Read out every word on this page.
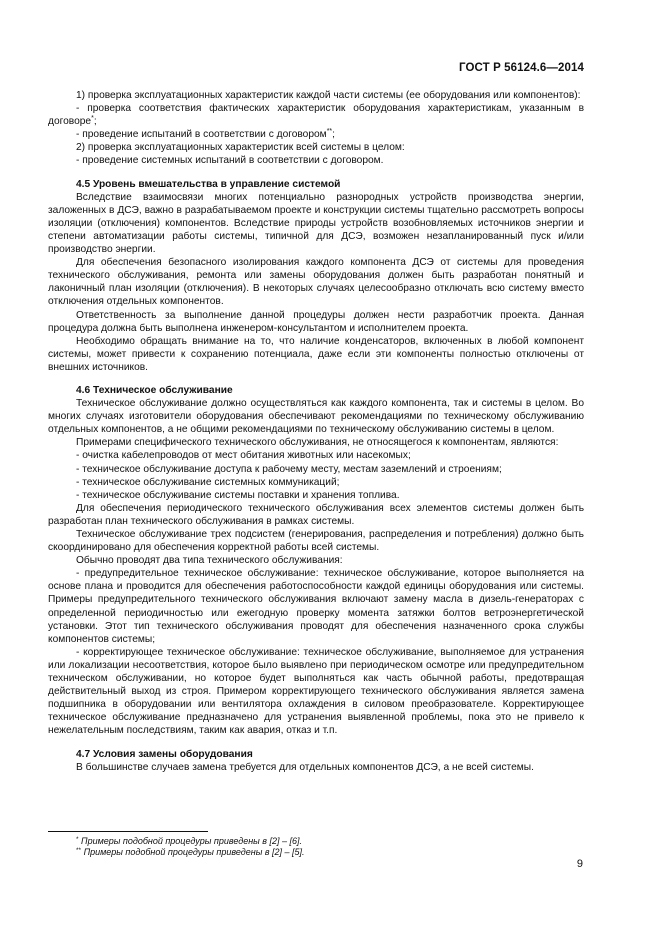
ГОСТ Р 56124.6—2014

1) проверка эксплуатационных характеристик каждой части системы (ее оборудования или компонентов):

- проверка соответствия фактических характеристик оборудования характеристикам, указанным в договоре*;

- проведение испытаний в соответствии с договором**;

2) проверка эксплуатационных характеристик всей системы в целом:

- проведение системных испытаний в соответствии с договором.

4.5 Уровень вмешательства в управление системой

Вследствие взаимосвязи многих потенциально разнородных устройств производства энергии, заложенных в ДСЭ, важно в разрабатываемом проекте и конструкции системы тщательно рассмотреть вопросы изоляции (отключения) компонентов. Вследствие природы устройств возобновляемых источников энергии и степени автоматизации работы системы, типичной для ДСЭ, возможен незапланированный пуск и/или производство энергии.

Для обеспечения безопасного изолирования каждого компонента ДСЭ от системы для проведения технического обслуживания, ремонта или замены оборудования должен быть разработан понятный и лаконичный план изоляции (отключения). В некоторых случаях целесообразно отключать всю систему вместо отключения отдельных компонентов.

Ответственность за выполнение данной процедуры должен нести разработчик проекта. Данная процедура должна быть выполнена инженером-консультантом и исполнителем проекта.

Необходимо обращать внимание на то, что наличие конденсаторов, включенных в любой компонент системы, может привести к сохранению потенциала, даже если эти компоненты полностью отключены от внешних источников.

4.6 Техническое обслуживание

Техническое обслуживание должно осуществляться как каждого компонента, так и системы в целом. Во многих случаях изготовители оборудования обеспечивают рекомендациями по техническому обслуживанию отдельных компонентов, а не общими рекомендациями по техническому обслуживанию системы в целом.

Примерами специфического технического обслуживания, не относящегося к компонентам, являются:

- очистка кабелепроводов от мест обитания животных или насекомых;

- техническое обслуживание доступа к рабочему месту, местам заземлений и строениям;

- техническое обслуживание системных коммуникаций;

- техническое обслуживание системы поставки и хранения топлива.

Для обеспечения периодического технического обслуживания всех элементов системы должен быть разработан план технического обслуживания в рамках системы.

Техническое обслуживание трех подсистем (генерирования, распределения и потребления) должно быть скоординировано для обеспечения корректной работы всей системы.

Обычно проводят два типа технического обслуживания:

- предупредительное техническое обслуживание: техническое обслуживание, которое выполняется на основе плана и проводится для обеспечения работоспособности каждой единицы оборудования или системы. Примеры предупредительного технического обслуживания включают замену масла в дизель-генераторах с определенной периодичностью или ежегодную проверку момента затяжки болтов ветроэнергетической установки. Этот тип технического обслуживания проводят для обеспечения назначенного срока службы компонентов системы;

- корректирующее техническое обслуживание: техническое обслуживание, выполняемое для устранения или локализации несоответствия, которое было выявлено при периодическом осмотре или предупредительном техническом обслуживании, но которое будет выполняться как часть обычной работы, предотвращая действительный выход из строя. Примером корректирующего технического обслуживания является замена подшипника в оборудовании или вентилятора охлаждения в силовом преобразователе. Корректирующее техническое обслуживание предназначено для устранения выявленной проблемы, пока это не привело к нежелательным последствиям, таким как авария, отказ и т.п.

4.7 Условия замены оборудования

В большинстве случаев замена требуется для отдельных компонентов ДСЭ, а не всей системы.

* Примеры подобной процедуры приведены в [2] – [6].
** Примеры подобной процедуры приведены в [2] – [5].
9
